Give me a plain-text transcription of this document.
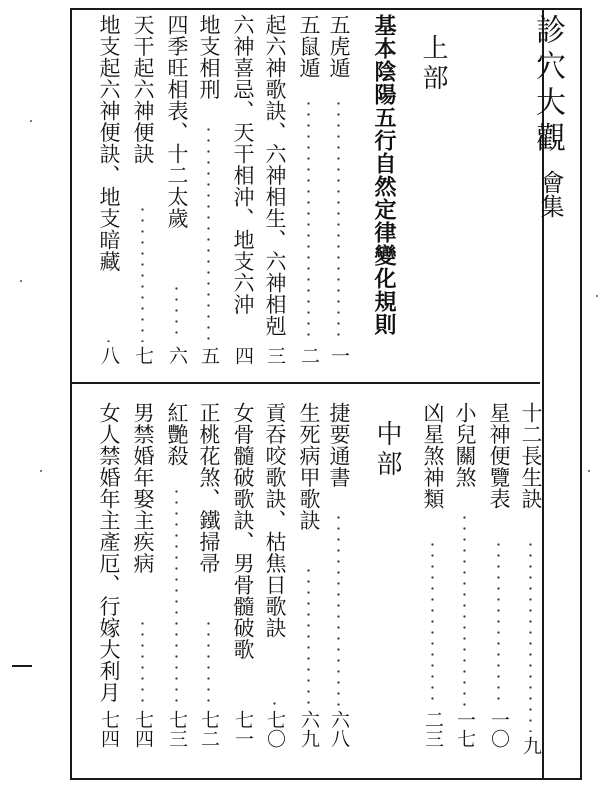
診穴大觀
會集
上部
基本陰陽五行自然定律變化規則
中部
五虎遁
一
五鼠遁
二
起六神歌訣、六神相生、六神相剋
三
六神喜忌、天干相沖、地支六沖
四
地支相刑
五
四季旺相表、十二太歲
六
天干起六神便訣
七
地支起六神便訣、地支暗藏
八
十二長生訣
九
星神便覽表
一〇
小兒關煞
一七
凶星煞神類
二三
捷要通書
六八
生死病甲歌訣
六九
貢吞咬歌訣、枯焦日歌訣
七〇
女骨髓破歌訣、男骨髓破歌
七一
正桃花煞、鐵掃帚
七二
紅艷殺
七三
男禁婚年娶主疾病
七四
女人禁婚年主產厄、行嫁大利月
七四
